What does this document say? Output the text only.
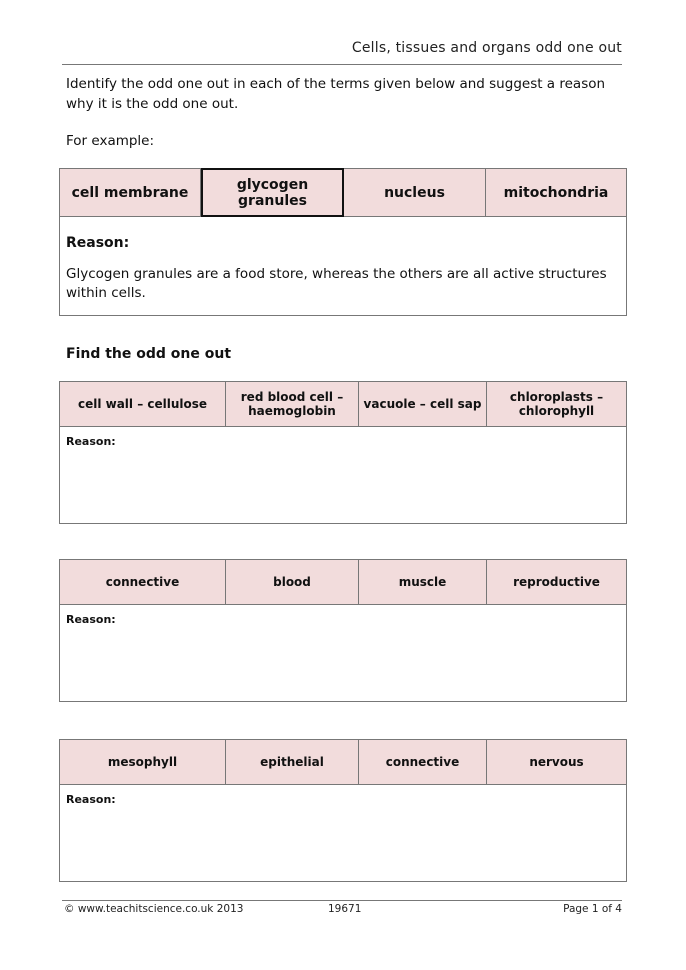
Cells, tissues and organs odd one out
Identify the odd one out in each of the terms given below and suggest a reason why it is the odd one out.
For example:
cell membrane	glycogen granules	nucleus	mitochondria
Reason:
Glycogen granules are a food store, whereas the others are all active structures within cells.
Find the odd one out
cell wall – cellulose	red blood cell – haemoglobin	vacuole – cell sap	chloroplasts – chlorophyll
Reason:
connective	blood	muscle	reproductive
Reason:
mesophyll	epithelial	connective	nervous
Reason:
© www.teachitscience.co.uk 2013	19671	Page 1 of 4
